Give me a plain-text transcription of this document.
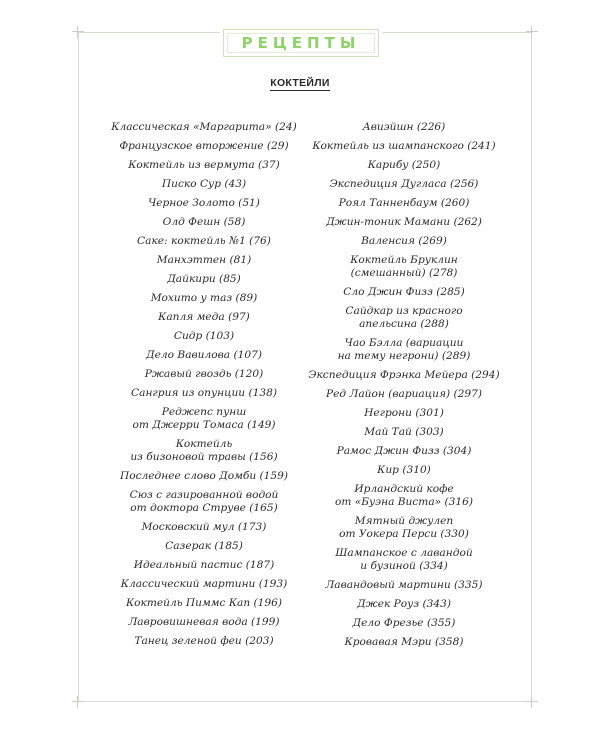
РЕЦЕПТЫ
КОКТЕЙЛИ
Классическая «Маргарита» (24)
Французское вторжение (29)
Коктейль из вермута (37)
Писко Сур (43)
Черное Золото (51)
Олд Фешн (58)
Саке: коктейль №1 (76)
Манхэттен (81)
Дайкири (85)
Мохито у таз (89)
Капля меда (97)
Сидр (103)
Дело Вавилова (107)
Ржавый гвоздь (120)
Сангрия из опунции (138)
Реджепс пунш
от Джерри Томаса (149)
Коктейль
из бизоновой травы (156)
Последнее слово Домби (159)
Сюз с газированной водой
от доктора Струве (165)
Московский мул (173)
Сазерак (185)
Идеальный пастис (187)
Классический мартини (193)
Коктейль Пиммс Кап (196)
Лавровишневая вода (199)
Танец зеленой феи (203)
Авиэйшн (226)
Коктейль из шампанского (241)
Карибу (250)
Экспедиция Дугласа (256)
Роял Танненбаум (260)
Джин-тоник Мамани (262)
Валенсия (269)
Коктейль Бруклин
(смешанный) (278)
Сло Джин Физз (285)
Сайдкар из красного
апельсина (288)
Чао Бэлла (вариации
на тему негрони) (289)
Экспедиция Фрэнка Мейера (294)
Ред Лайон (вариация) (297)
Негрони (301)
Май Тай (303)
Рамос Джин Физз (304)
Кир (310)
Ирландский кофе
от «Буэна Виста» (316)
Мятный джулеп
от Уокера Перси (330)
Шампанское с лавандой
и бузиной (334)
Лавандовый мартини (335)
Джек Роуз (343)
Дело Фрезье (355)
Кровавая Мэри (358)
